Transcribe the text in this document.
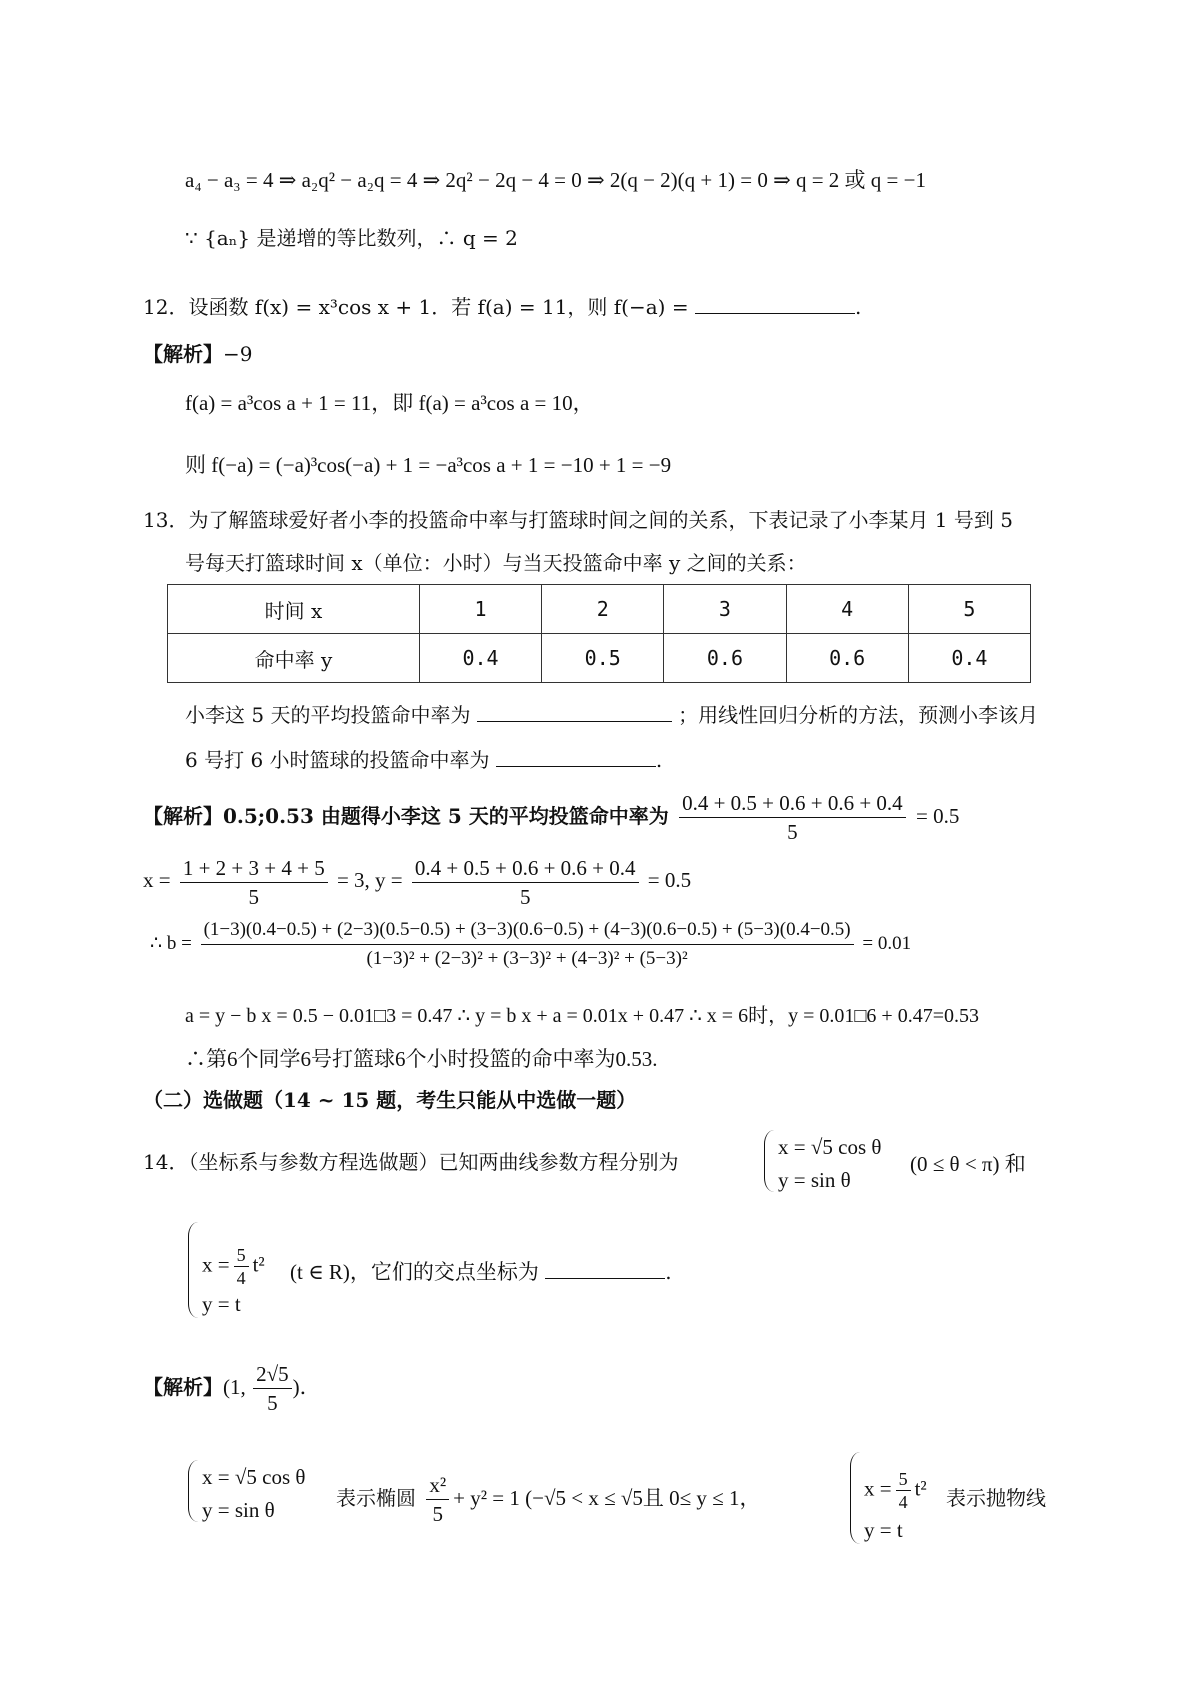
a₄ − a₃ = 4 ⇒ a₂q² − a₂q = 4 ⇒ 2q² − 2q − 4 = 0 ⇒ 2(q − 2)(q + 1) = 0 ⇒ q = 2 或 q = −1
∵ {aₙ} 是递增的等比数列，∴ q = 2
12．设函数 f(x) = x³cos x + 1．若 f(a) = 11，则 f(−a) =	.
【解析】−9
f(a) = a³cos a + 1 = 11，即 f(a) = a³cos a = 10，
则 f(−a) = (−a)³cos(−a) + 1 = −a³cos a + 1 = −10 + 1 = −9
13．为了解篮球爱好者小李的投篮命中率与打篮球时间之间的关系，下表记录了小李某月 1 号到 5
号每天打篮球时间 x（单位：小时）与当天投篮命中率 y 之间的关系：
时间 x	1	2	3	4	5
命中率 y	0.4	0.5	0.6	0.6	0.4
小李这 5 天的平均投篮命中率为	；用线性回归分析的方法，预测小李该月
6 号打 6 小时篮球的投篮命中率为	.
【解析】0.5;0.53 由题得小李这 5 天的平均投篮命中率为 $\frac{0.4 + 0.5 + 0.6 + 0.6 + 0.4}{5} = 0.5$
$x = \frac{1 + 2 + 3 + 4 + 5}{5} = 3$, $y = \frac{0.4 + 0.5 + 0.6 + 0.6 + 0.4}{5} = 0.5$
∴ b =
(1−3)(0.4−0.5) + (2−3)(0.5−0.5) + (3−3)(0.6−0.5) + (4−3)(0.6−0.5) + (5−3)(0.4−0.5)
(1−3)² + (2−3)² + (3−3)² + (4−3)² + (5−3)²
= 0.01
a = y − b x = 0.5 − 0.01□3 = 0.47 ∴ y = b x + a = 0.01x + 0.47 ∴ x = 6时，y = 0.01□6 + 0.47=0.53
∴第6个同学6号打篮球6个小时投篮的命中率为0.53.
（二）选做题（14 ~ 15 题，考生只能从中选做一题）
14．（坐标系与参数方程选做题）已知两曲线参数方程分别为
x = √5 cos θ
y = sin θ
(0 ≤ θ < π) 和
$x = \frac{5}{4} t^2$
y = t
(t ∈ R)，它们的交点坐标为	.
【解析】(1, $\frac{2√5}{5}$ )．
x = √5 cos θ
y = sin θ	表示椭圆 $\frac{\text{x²}}{5} + y^2 = 1$ (−√5 < x ≤ √5且 0≤ y ≤ 1，	$x = \frac{5}{4} t^2$
y = t
表示抛物线
